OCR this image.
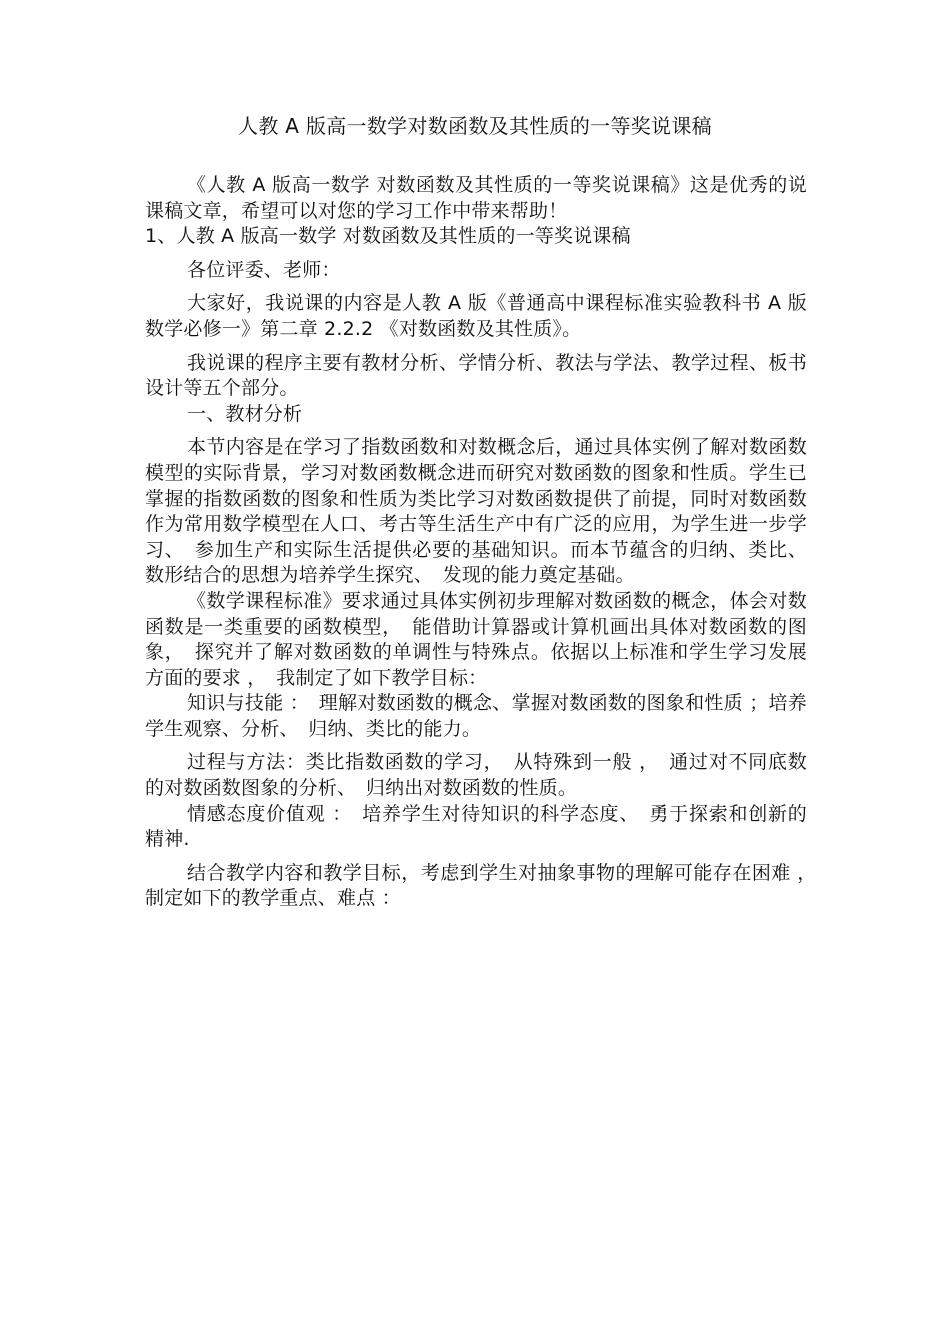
人教 A 版高一数学对数函数及其性质的一等奖说课稿

《人教 A 版高一数学 对数函数及其性质的一等奖说课稿》这是优秀的说课稿文章，希望可以对您的学习工作中带来帮助！

1、人教 A 版高一数学 对数函数及其性质的一等奖说课稿

各位评委、老师：

大家好，我说课的内容是人教 A 版《普通高中课程标准实验教科书 A 版数学必修一》第二章 2.2.2 《对数函数及其性质》。

我说课的程序主要有教材分析、学情分析、教法与学法、教学过程、板书设计等五个部分。

一、教材分析

本节内容是在学习了指数函数和对数概念后，通过具体实例了解对数函数模型的实际背景，学习对数函数概念进而研究对数函数的图象和性质。学生已掌握的指数函数的图象和性质为类比学习对数函数提供了前提，同时对数函数作为常用数学模型在人口、考古等生活生产中有广泛的应用，为学生进一步学习、　参加生产和实际生活提供必要的基础知识。而本节蕴含的归纳、类比、数形结合的思想为培养学生探究、　发现的能力奠定基础。

《数学课程标准》要求通过具体实例初步理解对数函数的概念，体会对数函数是一类重要的函数模型，　能借助计算器或计算机画出具体对数函数的图象，　探究并了解对数函数的单调性与特殊点。依据以上标准和学生学习发展方面的要求 ，　我制定了如下教学目标：

知识与技能 ：　理解对数函数的概念、掌握对数函数的图象和性质 ；培养学生观察、分析、　归纳、类比的能力。

过程与方法：类比指数函数的学习，　从特殊到一般 ，　通过对不同底数的对数函数图象的分析、　归纳出对数函数的性质。

情感态度价值观 ：　培养学生对待知识的科学态度、　勇于探索和创新的精神.

结合教学内容和教学目标，考虑到学生对抽象事物的理解可能存在困难 ，　制定如下的教学重点、难点 ：
